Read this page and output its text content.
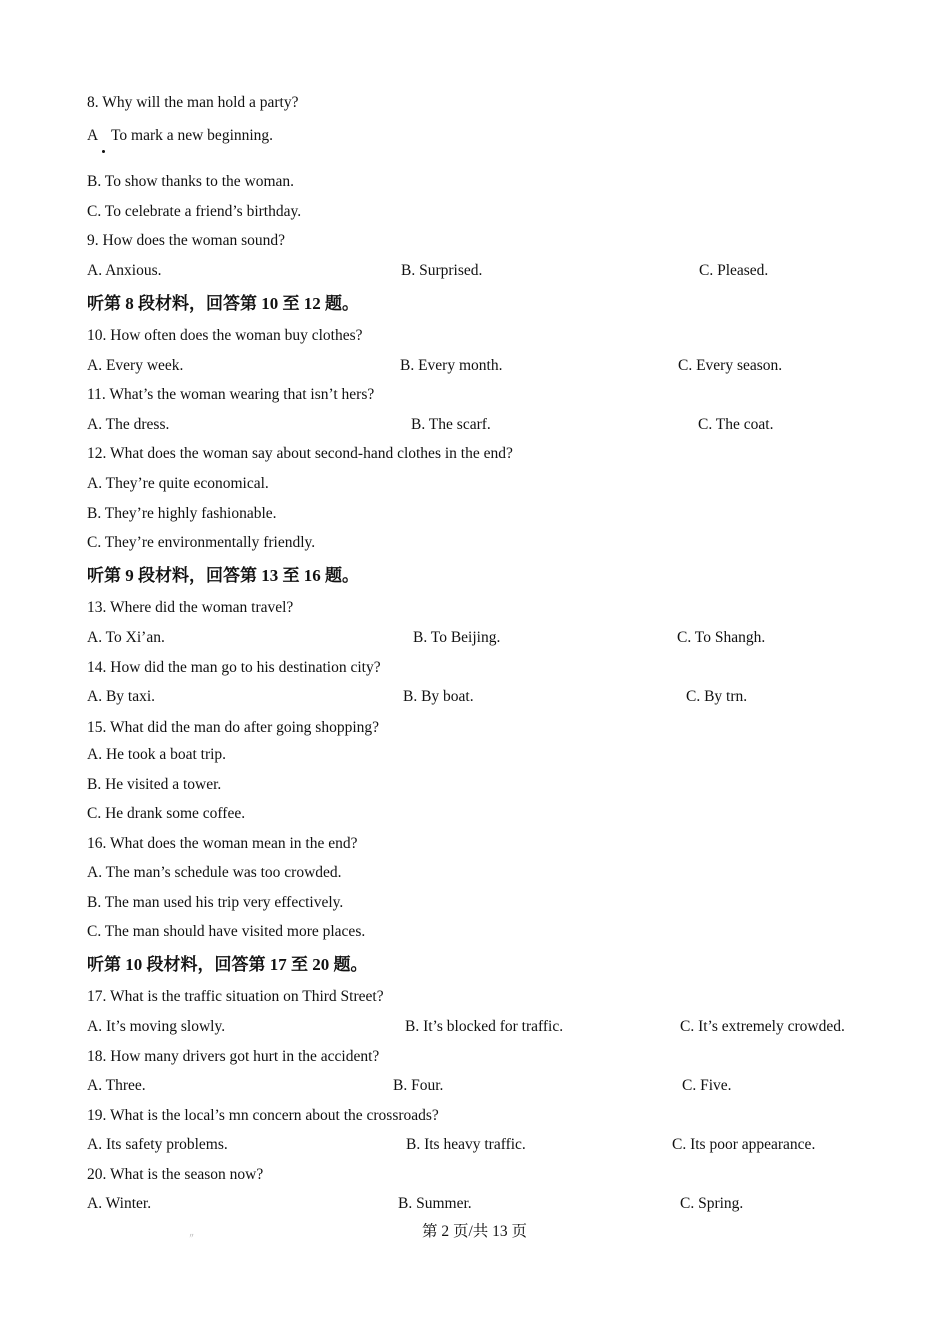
8. Why will the man hold a party?
A To mark a new beginning.
B. To show thanks to the woman.
C. To celebrate a friend’s birthday.
9. How does the woman sound?
A. Anxious.	B. Surprised.	C. Pleased.
听第 8 段材料，回答第 10 至 12 题。
10. How often does the woman buy clothes?
A. Every week.	B. Every month.	C. Every season.
11. What’s the woman wearing that isn’t hers?
A. The dress.	B. The scarf.	C. The coat.
12. What does the woman say about second-hand clothes in the end?
A. They’re quite economical.
B. They’re highly fashionable.
C. They’re environmentally friendly.
听第 9 段材料，回答第 13 至 16 题。
13. Where did the woman travel?
A. To Xi’an.	B. To Beijing.	C. To Shangh.
14. How did the man go to his destination city?
A. By taxi.	B. By boat.	C. By trn.
15. What did the man do after going shopping?
A. He took a boat trip.
B. He visited a tower.
C. He drank some coffee.
16. What does the woman mean in the end?
A. The man’s schedule was too crowded.
B. The man used his trip very effectively.
C. The man should have visited more places.
听第 10 段材料，回答第 17 至 20 题。
17. What is the traffic situation on Third Street?
A. It’s moving slowly.	B. It’s blocked for traffic.	C. It’s extremely crowded.
18. How many drivers got hurt in the accident?
A. Three.	B. Four.	C. Five.
19. What is the local’s mn concern about the crossroads?
A. Its safety problems.	B. Its heavy traffic.	C. Its poor appearance.
20. What is the season now?
A. Winter.	B. Summer.	C. Spring.
〃	第 2 页/共 13 页
